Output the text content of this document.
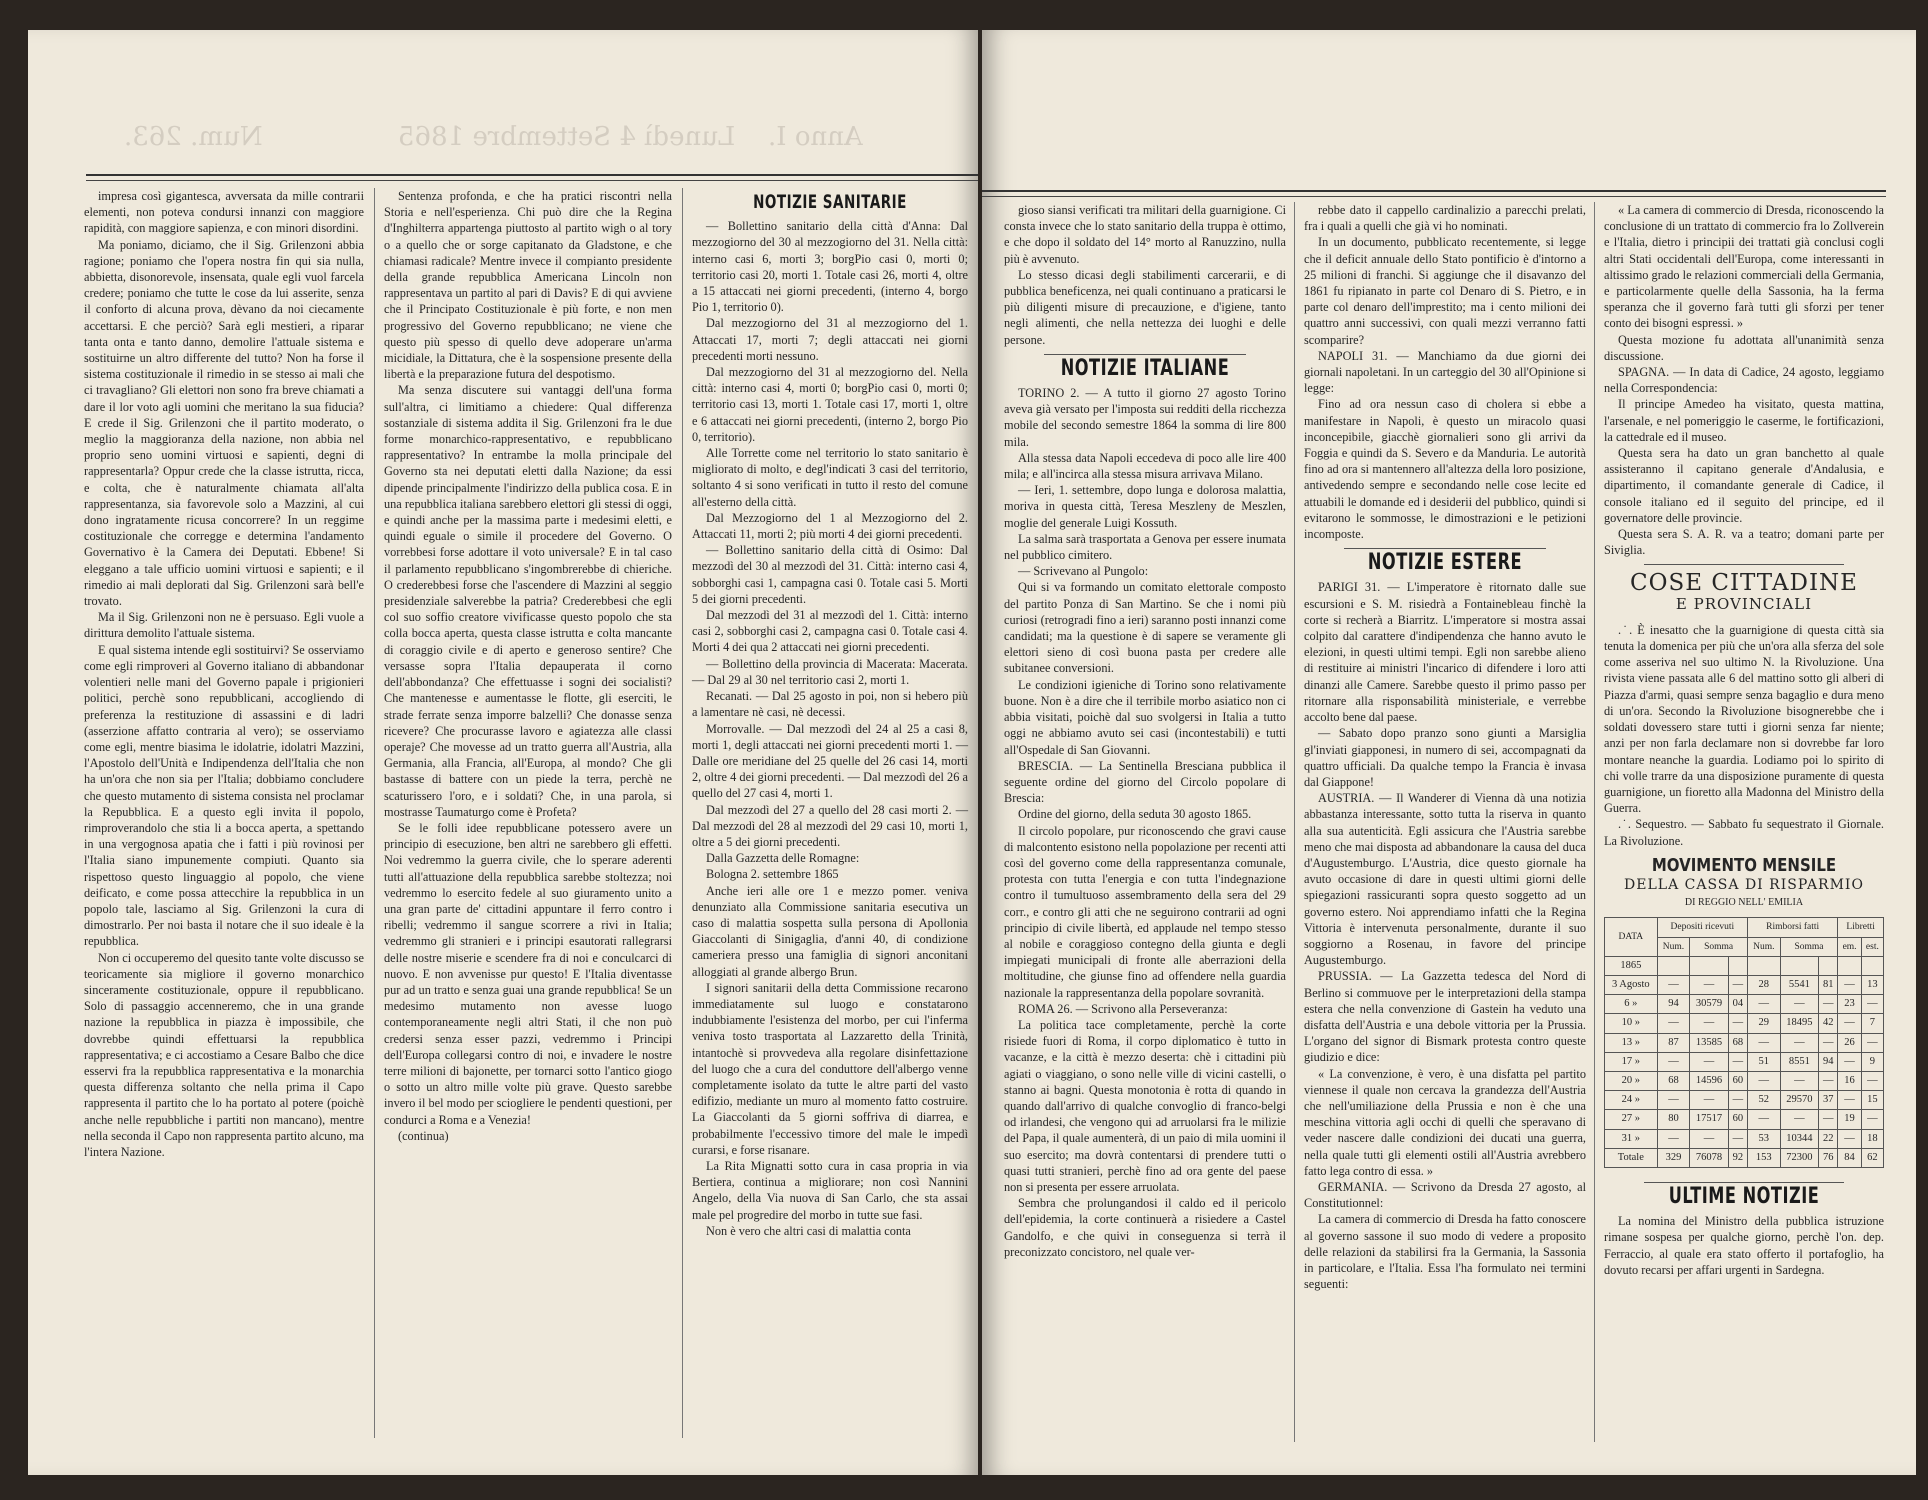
Num. 263.	Lunedì 4 Settembre 1865 Anno I.

impresa così gigantesca, avversata da mille contrarii elementi, non poteva condursi innanzi con maggiore rapidità, con maggiore sapienza, e con minori disordini.

Ma poniamo, diciamo, che il Sig. Grilenzoni abbia ragione; poniamo che l'opera nostra fin qui sia nulla, abbietta, disonorevole, insensata, quale egli vuol farcela credere; poniamo che tutte le cose da lui asserite, senza il conforto di alcuna prova, dèvano da noi ciecamente accettarsi. E che perciò? Sarà egli mestieri, a riparar tanta onta e tanto danno, demolire l'attuale sistema e sostituirne un altro differente del tutto? Non ha forse il sistema costituzionale il rimedio in se stesso ai mali che ci travagliano? Gli elettori non sono fra breve chiamati a dare il lor voto agli uomini che meritano la sua fiducia? E crede il Sig. Grilenzoni che il partito moderato, o meglio la maggioranza della nazione, non abbia nel proprio seno uomini virtuosi e sapienti, degni di rappresentarla? Oppur crede che la classe istrutta, ricca, e colta, che è naturalmente chiamata all'alta rappresentanza, sia favorevole solo a Mazzini, al cui dono ingratamente ricusa concorrere? In un reggime costituzionale che corregge e determina l'andamento Governativo è la Camera dei Deputati. Ebbene! Si eleggano a tale ufficio uomini virtuosi e sapienti; e il rimedio ai mali deplorati dal Sig. Grilenzoni sarà bell'e trovato.

Ma il Sig. Grilenzoni non ne è persuaso. Egli vuole a dirittura demolito l'attuale sistema.

E qual sistema intende egli sostituirvi? Se osserviamo come egli rimproveri al Governo italiano di abbandonar volentieri nelle mani del Governo papale i prigionieri politici, perchè sono repubblicani, accogliendo di preferenza la restituzione di assassini e di ladri (asserzione affatto contraria al vero); se osserviamo come egli, mentre biasima le idolatrie, idolatri Mazzini, l'Apostolo dell'Unità e Indipendenza dell'Italia che non ha un'ora che non sia per l'Italia; dobbiamo concludere che questo mutamento di sistema consista nel proclamar la Repubblica. E a questo egli invita il popolo, rimproverandolo che stia li a bocca aperta, a spettando in una vergognosa apatia che i fatti i più rovinosi per l'Italia siano impunemente compiuti. Quanto sia rispettoso questo linguaggio al popolo, che viene deificato, e come possa attecchire la repubblica in un popolo tale, lasciamo al Sig. Grilenzoni la cura di dimostrarlo. Per noi basta il notare che il suo ideale è la repubblica.

Non ci occuperemo del quesito tante volte discusso se teoricamente sia migliore il governo monarchico sinceramente costituzionale, oppure il repubblicano. Solo di passaggio accenneremo, che in una grande nazione la repubblica in piazza è impossibile, che dovrebbe quindi effettuarsi la repubblica rappresentativa; e ci accostiamo a Cesare Balbo che dice esservi fra la repubblica rappresentativa e la monarchia questa differenza soltanto che nella prima il Capo rappresenta il partito che lo ha portato al potere (poichè anche nelle repubbliche i partiti non mancano), mentre nella seconda il Capo non rappresenta partito alcuno, ma l'intera Nazione.

Sentenza profonda, e che ha pratici riscontri nella Storia e nell'esperienza. Chi può dire che la Regina d'Inghilterra appartenga piuttosto al partito wigh o al tory o a quello che or sorge capitanato da Gladstone, e che chiamasi radicale? Mentre invece il compianto presidente della grande repubblica Americana Lincoln non rappresentava un partito al pari di Davis? E di qui avviene che il Principato Costituzionale è più forte, e non men progressivo del Governo repubblicano; ne viene che questo più spesso di quello deve adoperare un'arma micidiale, la Dittatura, che è la sospensione presente della libertà e la preparazione futura del despotismo.

Ma senza discutere sui vantaggi dell'una forma sull'altra, ci limitiamo a chiedere: Qual differenza sostanziale di sistema addita il Sig. Grilenzoni fra le due forme monarchico-rappresentativo, e repubblicano rappresentativo? In entrambe la molla principale del Governo sta nei deputati eletti dalla Nazione; da essi dipende principalmente l'indirizzo della publica cosa. E in una repubblica italiana sarebbero elettori gli stessi di oggi, e quindi anche per la massima parte i medesimi eletti, e quindi eguale o simile il procedere del Governo. O vorrebbesi forse adottare il voto universale? E in tal caso il parlamento repubblicano s'ingombrerebbe di chieriche. O crederebbesi forse che l'ascendere di Mazzini al seggio presidenziale salverebbe la patria? Crederebbesi che egli col suo soffio creatore vivificasse questo popolo che sta colla bocca aperta, questa classe istrutta e colta mancante di coraggio civile e di aperto e generoso sentire? Che versasse sopra l'Italia depauperata il corno dell'abbondanza? Che effettuasse i sogni dei socialisti? Che mantenesse e aumentasse le flotte, gli eserciti, le strade ferrate senza imporre balzelli? Che donasse senza ricevere? Che procurasse lavoro e agiatezza alle classi operaje? Che movesse ad un tratto guerra all'Austria, alla Germania, alla Francia, all'Europa, al mondo? Che gli bastasse di battere con un piede la terra, perchè ne scaturissero l'oro, e i soldati? Che, in una parola, si mostrasse Taumaturgo come è Profeta?

Se le folli idee repubblicane potessero avere un principio di esecuzione, ben altri ne sarebbero gli effetti. Noi vedremmo la guerra civile, che lo sperare aderenti tutti all'attuazione della repubblica sarebbe stoltezza; noi vedremmo lo esercito fedele al suo giuramento unito a una gran parte de' cittadini appuntare il ferro contro i ribelli; vedremmo il sangue scorrere a rivi in Italia; vedremmo gli stranieri e i principi esautorati rallegrarsi delle nostre miserie e scendere fra di noi e conculcarci di nuovo. E non avvenisse pur questo! E l'Italia diventasse pur ad un tratto e senza guai una grande repubblica! Se un medesimo mutamento non avesse luogo contemporaneamente negli altri Stati, il che non può credersi senza esser pazzi, vedremmo i Principi dell'Europa collegarsi contro di noi, e invadere le nostre terre milioni di bajonette, per tornarci sotto l'antico giogo o sotto un altro mille volte più grave. Questo sarebbe invero il bel modo per sciogliere le pendenti questioni, per condurci a Roma e a Venezia!

(continua)

NOTIZIE SANITARIE

— Bollettino sanitario della città d'Anna: Dal mezzogiorno del 30 al mezzogiorno del 31. Nella città: interno casi 6, morti 3; borgPio casi 0, morti 0; territorio casi 20, morti 1. Totale casi 26, morti 4, oltre a 15 attaccati nei giorni precedenti, (interno 4, borgo Pio 1, territorio 0).

Dal mezzogiorno del 31 al mezzogiorno del 1. Attaccati 17, morti 7; degli attaccati nei giorni precedenti morti nessuno.

Dal mezzogiorno del 31 al mezzogiorno del. Nella città: interno casi 4, morti 0; borgPio casi 0, morti 0; territorio casi 13, morti 1. Totale casi 17, morti 1, oltre e 6 attaccati nei giorni precedenti, (interno 2, borgo Pio 0, territorio).

Alle Torrette come nel territorio lo stato sanitario è migliorato di molto, e degl'indicati 3 casi del territorio, soltanto 4 si sono verificati in tutto il resto del comune all'esterno della città.

Dal Mezzogiorno del 1 al Mezzogiorno del 2. Attaccati 11, morti 2; più morti 4 dei giorni precedenti.

— Bollettino sanitario della città di Osimo: Dal mezzodì del 30 al mezzodì del 31. Città: interno casi 4, sobborghi casi 1, campagna casi 0. Totale casi 5. Morti 5 dei giorni precedenti.

Dal mezzodì del 31 al mezzodì del 1. Città: interno casi 2, sobborghi casi 2, campagna casi 0. Totale casi 4. Morti 4 dei qua 2 attaccati nei giorni precedenti.

— Bollettino della provincia di Macerata: Macerata. — Dal 29 al 30 nel territorio casi 2, morti 1.

Recanati. — Dal 25 agosto in poi, non si hebero più a lamentare nè casi, nè decessi.

Morrovalle. — Dal mezzodì del 24 al 25 a casi 8, morti 1, degli attaccati nei giorni precedenti morti 1. — Dalle ore meridiane del 25 quelle del 26 casi 14, morti 2, oltre 4 dei giorni precedenti. — Dal mezzodì del 26 a quello del 27 casi 4, morti 1.

Dal mezzodì del 27 a quello del 28 casi morti 2. — Dal mezzodì del 28 al mezzodì del 29 casi 10, morti 1, oltre a 5 dei giorni precedenti.

Dalla Gazzetta delle Romagne:

Bologna 2. settembre 1865

Anche ieri alle ore 1 e mezzo pomer. veniva denunziato alla Commissione sanitaria esecutiva un caso di malattia sospetta sulla persona di Apollonia Giaccolanti di Sinigaglia, d'anni 40, di condizione cameriera presso una famiglia di signori anconitani alloggiati al grande albergo Brun.

I signori sanitarii della detta Commissione recarono immediatamente sul luogo e constatarono indubbiamente l'esistenza del morbo, per cui l'inferma veniva tosto trasportata al Lazzaretto della Trinità, intantochè si provvedeva alla regolare disinfettazione del luogo che a cura del conduttore dell'albergo venne completamente isolato da tutte le altre parti del vasto edifizio, mediante un muro al momento fatto costruire. La Giaccolanti da 5 giorni soffriva di diarrea, e probabilmente l'eccessivo timore del male le impedì curarsi, e forse risanare.

La Rita Mignatti sotto cura in casa propria in via Bertiera, continua a migliorare; non così Nannini Angelo, della Via nuova di San Carlo, che sta assai male pel progredire del morbo in tutte sue fasi.

Non è vero che altri casi di malattia conta

gioso siansi verificati tra militari della guarnigione. Ci consta invece che lo stato sanitario della truppa è ottimo, e che dopo il soldato del 14° morto al Ranuzzino, nulla più è avvenuto.

Lo stesso dicasi degli stabilimenti carcerarii, e di pubblica beneficenza, nei quali continuano a praticarsi le più diligenti misure di precauzione, e d'igiene, tanto negli alimenti, che nella nettezza dei luoghi e delle persone.

NOTIZIE ITALIANE

TORINO 2. — A tutto il giorno 27 agosto Torino aveva già versato per l'imposta sui redditi della ricchezza mobile del secondo semestre 1864 la somma di lire 800 mila.

Alla stessa data Napoli eccedeva di poco alle lire 400 mila; e all'incirca alla stessa misura arrivava Milano.

— Ieri, 1. settembre, dopo lunga e dolorosa malattia, moriva in questa città, Teresa Meszleny de Meszlen, moglie del generale Luigi Kossuth.

La salma sarà trasportata a Genova per essere inumata nel pubblico cimitero.

— Scrivevano al Pungolo:

Qui si va formando un comitato elettorale composto del partito Ponza di San Martino. Se che i nomi più curiosi (retrogradi fino a ieri) saranno posti innanzi come candidati; ma la questione è di sapere se veramente gli elettori sieno di così buona pasta per credere alle subitanee conversioni.

Le condizioni igieniche di Torino sono relativamente buone. Non è a dire che il terribile morbo asiatico non ci abbia visitati, poichè dal suo svolgersi in Italia a tutto oggi ne abbiamo avuto sei casi (incontestabili) e tutti all'Ospedale di San Giovanni.

BRESCIA. — La Sentinella Bresciana pubblica il seguente ordine del giorno del Circolo popolare di Brescia:

Ordine del giorno, della seduta 30 agosto 1865.

Il circolo popolare, pur riconoscendo che gravi cause di malcontento esistono nella popolazione per recenti atti così del governo come della rappresentanza comunale, protesta con tutta l'energia e con tutta l'indegnazione contro il tumultuoso assembramento della sera del 29 corr., e contro gli atti che ne seguirono contrarii ad ogni principio di civile libertà, ed applaude nel tempo stesso al nobile e coraggioso contegno della giunta e degli impiegati municipali di fronte alle aberrazioni della moltitudine, che giunse fino ad offendere nella guardia nazionale la rappresentanza della popolare sovranità.

ROMA 26. — Scrivono alla Perseveranza:

La politica tace completamente, perchè la corte risiede fuori di Roma, il corpo diplomatico è tutto in vacanze, e la città è mezzo deserta: chè i cittadini più agiati o viaggiano, o sono nelle ville di vicini castelli, o stanno ai bagni. Questa monotonia è rotta di quando in quando dall'arrivo di qualche convoglio di franco-belgi od irlandesi, che vengono qui ad arruolarsi fra le milizie del Papa, il quale aumenterà, di un paio di mila uomini il suo esercito; ma dovrà contentarsi di prendere tutti o quasi tutti stranieri, perchè fino ad ora gente del paese non si presenta per essere arruolata.

Sembra che prolungandosi il caldo ed il pericolo dell'epidemia, la corte continuerà a risiedere a Castel Gandolfo, e che quivi in conseguenza si terrà il preconizzato concistoro, nel quale ver-

rebbe dato il cappello cardinalizio a parecchi prelati, fra i quali a quelli che già vi ho nominati.

In un documento, pubblicato recentemente, si legge che il deficit annuale dello Stato pontificio è d'intorno a 25 milioni di franchi. Si aggiunge che il disavanzo del 1861 fu ripianato in parte col Denaro di S. Pietro, e in parte col denaro dell'imprestito; ma i cento milioni dei quattro anni successivi, con quali mezzi verranno fatti scomparire?

NAPOLI 31. — Manchiamo da due giorni dei giornali napoletani. In un carteggio del 30 all'Opinione si legge:

Fino ad ora nessun caso di cholera si ebbe a manifestare in Napoli, è questo un miracolo quasi inconcepibile, giacchè giornalieri sono gli arrivi da Foggia e quindi da S. Severo e da Manduria. Le autorità fino ad ora si mantennero all'altezza della loro posizione, antivedendo sempre e secondando nelle cose lecite ed attuabili le domande ed i desiderii del pubblico, quindi si evitarono le sommosse, le dimostrazioni e le petizioni incomposte.

NOTIZIE ESTERE

PARIGI 31. — L'imperatore è ritornato dalle sue escursioni e S. M. risiedrà a Fontainebleau finchè la corte si recherà a Biarritz. L'imperatore si mostra assai colpito dal carattere d'indipendenza che hanno avuto le elezioni, in questi ultimi tempi. Egli non sarebbe alieno di restituire ai ministri l'incarico di difendere i loro atti dinanzi alle Camere. Sarebbe questo il primo passo per ritornare alla risponsabilità ministeriale, e verrebbe accolto bene dal paese.

— Sabato dopo pranzo sono giunti a Marsiglia gl'inviati giapponesi, in numero di sei, accompagnati da quattro ufficiali. Da qualche tempo la Francia è invasa dal Giappone!

AUSTRIA. — Il Wanderer di Vienna dà una notizia abbastanza interessante, sotto tutta la riserva in quanto alla sua autenticità. Egli assicura che l'Austria sarebbe meno che mai disposta ad abbandonare la causa del duca d'Augustemburgo. L'Austria, dice questo giornale ha avuto occasione di dare in questi ultimi giorni delle spiegazioni rassicuranti sopra questo soggetto ad un governo estero. Noi apprendiamo infatti che la Regina Vittoria è intervenuta personalmente, durante il suo soggiorno a Rosenau, in favore del principe Augustemburgo.

PRUSSIA. — La Gazzetta tedesca del Nord di Berlino si commuove per le interpretazioni della stampa estera che nella convenzione di Gastein ha veduto una disfatta dell'Austria e una debole vittoria per la Prussia. L'organo del signor di Bismark protesta contro queste giudizio e dice:

« La convenzione, è vero, è una disfatta pel partito viennese il quale non cercava la grandezza dell'Austria che nell'umiliazione della Prussia e non è che una meschina vittoria agli occhi di quelli che speravano di veder nascere dalle condizioni dei ducati una guerra, nella quale tutti gli elementi ostili all'Austria avrebbero fatto lega contro di essa. »

GERMANIA. — Scrivono da Dresda 27 agosto, al Constitutionnel:

La camera di commercio di Dresda ha fatto conoscere al governo sassone il suo modo di vedere a proposito delle relazioni da stabilirsi fra la Germania, la Sassonia in particolare, e l'Italia. Essa l'ha formulato nei termini seguenti:

« La camera di commercio di Dresda, riconoscendo la conclusione di un trattato di commercio fra lo Zollverein e l'Italia, dietro i principii dei trattati già conclusi cogli altri Stati occidentali dell'Europa, come interessanti in altissimo grado le relazioni commerciali della Germania, e particolarmente quelle della Sassonia, ha la ferma speranza che il governo farà tutti gli sforzi per tener conto dei bisogni espressi. »

Questa mozione fu adottata all'unanimità senza discussione.

SPAGNA. — In data di Cadice, 24 agosto, leggiamo nella Correspondencia:

Il principe Amedeo ha visitato, questa mattina, l'arsenale, e nel pomeriggio le caserme, le fortificazioni, la cattedrale ed il museo.

Questa sera ha dato un gran banchetto al quale assisteranno il capitano generale d'Andalusia, e dipartimento, il comandante generale di Cadice, il console italiano ed il seguito del principe, ed il governatore delle provincie.

Questa sera S. A. R. va a teatro; domani parte per Siviglia.

COSE CITTADINE
E PROVINCIALI

.˙. È inesatto che la guarnigione di questa città sia tenuta la domenica per più che un'ora alla sferza del sole come asseriva nel suo ultimo N. la Rivoluzione. Una rivista viene passata alle 6 del mattino sotto gli alberi di Piazza d'armi, quasi sempre senza bagaglio e dura meno di un'ora. Secondo la Rivoluzione bisognerebbe che i soldati dovessero stare tutti i giorni senza far niente; anzi per non farla declamare non si dovrebbe far loro montare neanche la guardia. Lodiamo poi lo spirito di chi volle trarre da una disposizione puramente di questa guarnigione, un fioretto alla Madonna del Ministro della Guerra.

.˙. Sequestro. — Sabbato fu sequestrato il Giornale. La Rivoluzione.

MOVIMENTO MENSILE
DELLA CASSA DI RISPARMIO
DI REGGIO NELL' EMILIA
DATA	Depositi ricevuti			Rimborsi fatti			Libretti	
	Num.	Somma		Num.	Somma		em.	est.
1865								
3 Agosto	—	—	—	28	5541	81	—	13
6 »	94	30579	04	—	—	—	23	—
10 »	—	—	—	29	18495	42	—	7
13 »	87	13585	68	—	—	—	26	—
17 »	—	—	—	51	8551	94	—	9
20 »	68	14596	60	—	—	—	16	—
24 »	—	—	—	52	29570	37	—	15
27 »	80	17517	60	—	—	—	19	—
31 »	—	—	—	53	10344	22	—	18
Totale	329	76078	92	153	72300	76	84	62
ULTIME NOTIZIE

La nomina del Ministro della pubblica istruzione rimane sospesa per qualche giorno, perchè l'on. dep. Ferraccio, al quale era stato offerto il portafoglio, ha dovuto recarsi per affari urgenti in Sardegna.
